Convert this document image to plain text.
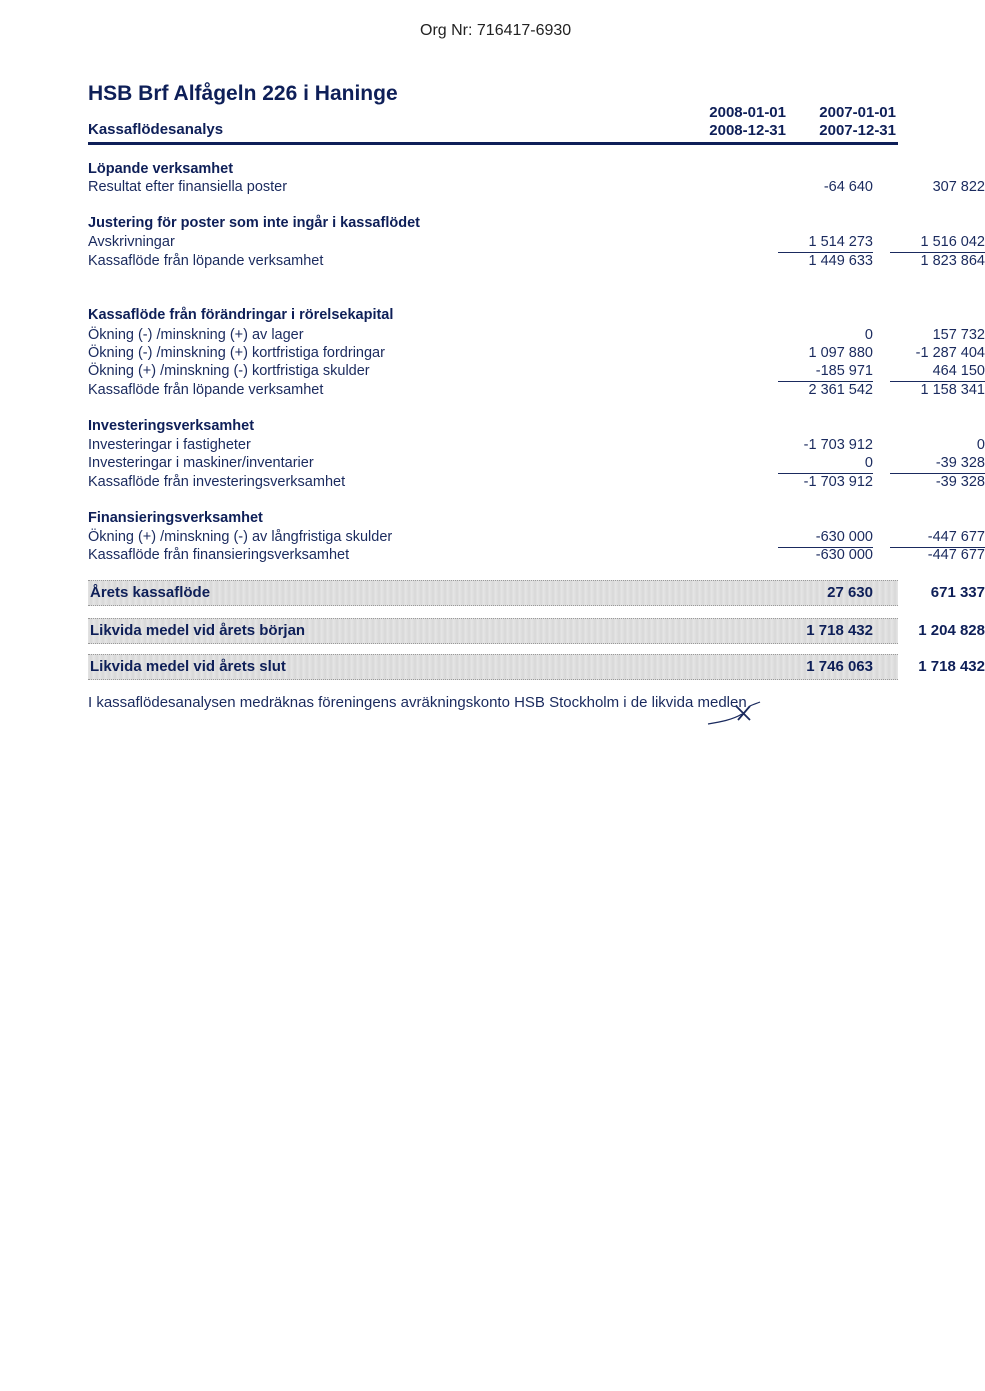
Org Nr: 716417-6930
HSB Brf Alfågeln 226 i Haninge
Kassaflödesanalys
2008-01-01
2008-12-31
2007-01-01
2007-12-31
Löpande verksamhet
Resultat efter finansiella poster	-64 640	307 822
Justering för poster som inte ingår i kassaflödet
Avskrivningar	1 514 273	1 516 042
Kassaflöde från löpande verksamhet	1 449 633	1 823 864
Kassaflöde från förändringar i rörelsekapital
Ökning (-) /minskning (+) av lager	0	157 732
Ökning (-) /minskning (+) kortfristiga fordringar	1 097 880	-1 287 404
Ökning (+) /minskning (-) kortfristiga skulder	-185 971	464 150
Kassaflöde från löpande verksamhet	2 361 542	1 158 341
Investeringsverksamhet
Investeringar i fastigheter	-1 703 912	0
Investeringar i maskiner/inventarier	0	-39 328
Kassaflöde från investeringsverksamhet	-1 703 912	-39 328
Finansieringsverksamhet
Ökning (+) /minskning (-) av långfristiga skulder	-630 000	-447 677
Kassaflöde från finansieringsverksamhet	-630 000	-447 677
Årets kassaflöde	27 630	671 337
Likvida medel vid årets början	1 718 432	1 204 828
Likvida medel vid årets slut	1 746 063	1 718 432
I kassaflödesanalysen medräknas föreningens avräkningskonto HSB Stockholm i de likvida medlen
